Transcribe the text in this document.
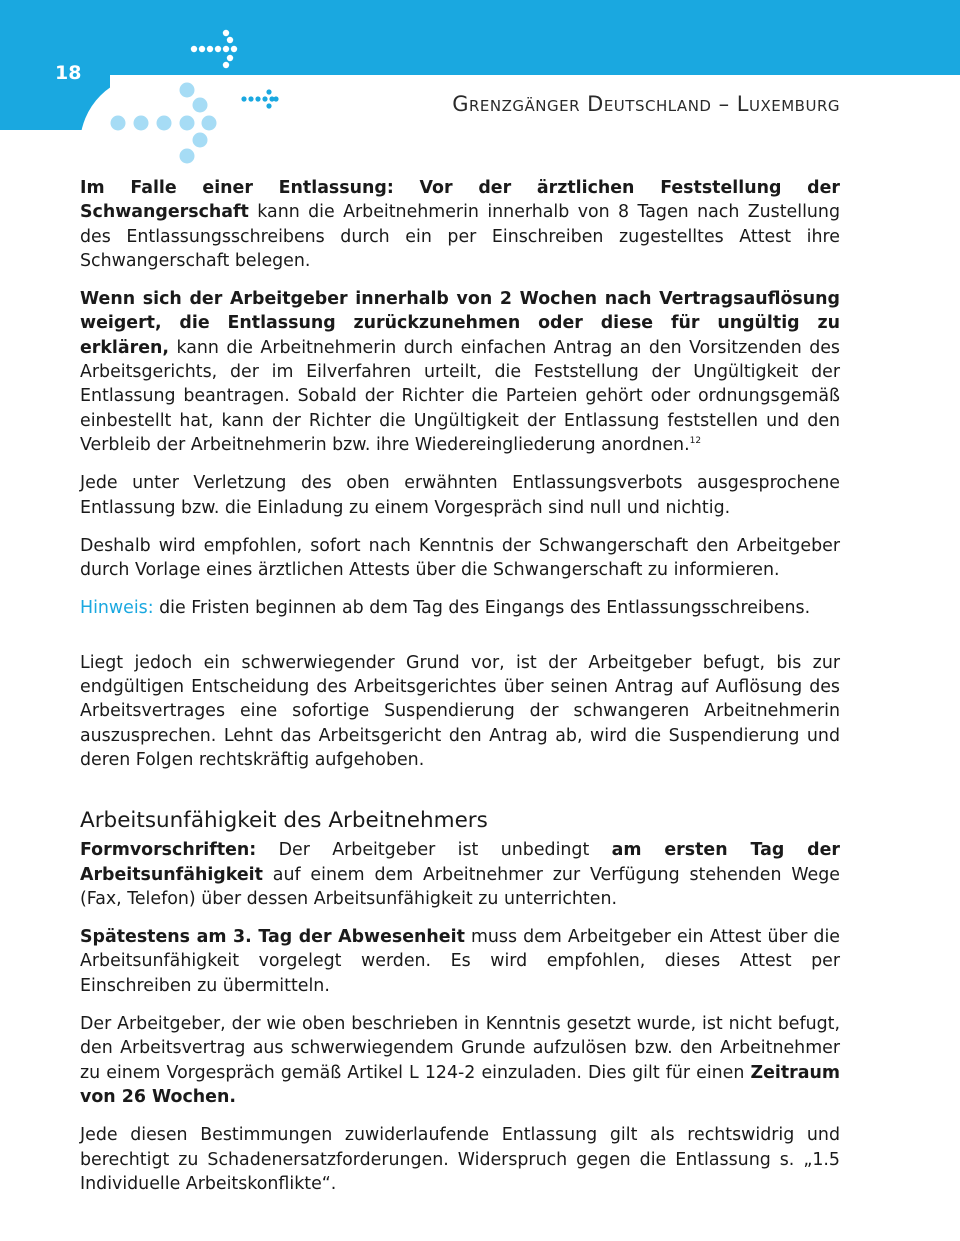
18
Grenzgänger Deutschland – Luxemburg

Im Falle einer Entlassung: Vor der ärztlichen Feststellung der Schwangerschaft kann die Arbeitnehmerin innerhalb von 8 Tagen nach Zustellung des Entlassungsschreibens durch ein per Einschreiben zugestelltes Attest ihre Schwangerschaft belegen.

Wenn sich der Arbeitgeber innerhalb von 2 Wochen nach Vertragsauflösung weigert, die Entlassung zurückzunehmen oder diese für ungültig zu erklären, kann die Arbeitnehmerin durch einfachen Antrag an den Vorsitzenden des Arbeitsgerichts, der im Eilverfahren urteilt, die Feststellung der Ungültigkeit der Entlassung beantragen. Sobald der Richter die Parteien gehört oder ordnungsgemäß einbestellt hat, kann der Richter die Ungültigkeit der Entlassung feststellen und den Verbleib der Arbeitnehmerin bzw. ihre Wiedereingliederung anordnen.$^{12}$

Jede unter Verletzung des oben erwähnten Entlassungsverbots ausgesprochene Entlassung bzw. die Einladung zu einem Vorgespräch sind null und nichtig.

Deshalb wird empfohlen, sofort nach Kenntnis der Schwangerschaft den Arbeitgeber durch Vorlage eines ärztlichen Attests über die Schwangerschaft zu informieren.

Hinweis: die Fristen beginnen ab dem Tag des Eingangs des Entlassungsschreibens.

Liegt jedoch ein schwerwiegender Grund vor, ist der Arbeitgeber befugt, bis zur endgültigen Entscheidung des Arbeitsgerichtes über seinen Antrag auf Auflösung des Arbeitsvertrages eine sofortige Suspendierung der schwangeren Arbeitnehmerin auszusprechen. Lehnt das Arbeitsgericht den Antrag ab, wird die Suspendierung und deren Folgen rechtskräftig aufgehoben.

Arbeitsunfähigkeit des Arbeitnehmers

Formvorschriften: Der Arbeitgeber ist unbedingt am ersten Tag der Arbeitsunfähigkeit auf einem dem Arbeitnehmer zur Verfügung stehenden Wege (Fax, Telefon) über dessen Arbeitsunfähigkeit zu unterrichten.

Spätestens am 3. Tag der Abwesenheit muss dem Arbeitgeber ein Attest über die Arbeitsunfähigkeit vorgelegt werden. Es wird empfohlen, dieses Attest per Einschreiben zu übermitteln.

Der Arbeitgeber, der wie oben beschrieben in Kenntnis gesetzt wurde, ist nicht befugt, den Arbeitsvertrag aus schwerwiegendem Grunde aufzulösen bzw. den Arbeitnehmer zu einem Vorgespräch gemäß Artikel L 124-2 einzuladen. Dies gilt für einen Zeitraum von 26 Wochen.

Jede diesen Bestimmungen zuwiderlaufende Entlassung gilt als rechtswidrig und berechtigt zu Schadenersatzforderungen. Widerspruch gegen die Entlassung s. „1.5 Individuelle Arbeitskonflikte“.
